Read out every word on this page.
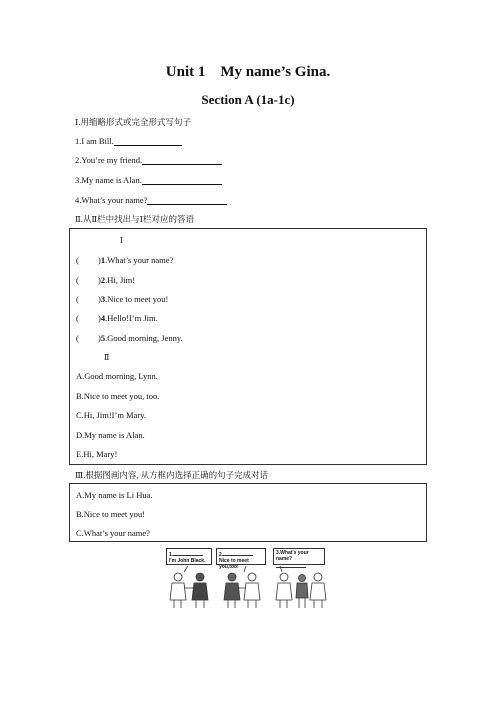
Unit 1 My name’s Gina.
Section A (1a-1c)
Ⅰ.用缩略形式或完全形式写句子
1.I am Bill.
2.You’re my friend.
3.My name is Alan.
4.What’s your name?
Ⅱ.从Ⅱ栏中找出与Ⅰ栏对应的答语
Ⅰ
( )1.What’s your name?
( )2.Hi, Jim!
( )3.Nice to meet you!
( )4.Hello!I’m Jim.
( )5.Good morning, Jenny.
Ⅱ
A.Good morning, Lynn.
B.Nice to meet you, too.
C.Hi, Jim!I’m Mary.
D.My name is Alan.
E.Hi, Mary!
Ⅲ.根据图画内容, 从方框内选择正确的句子完成对话
A.My name is Li Hua.
B.Nice to meet you!
C.What’s your name?
1.
I'm John Black.
2.
Nice to meet you,too!
3.What's your name?
